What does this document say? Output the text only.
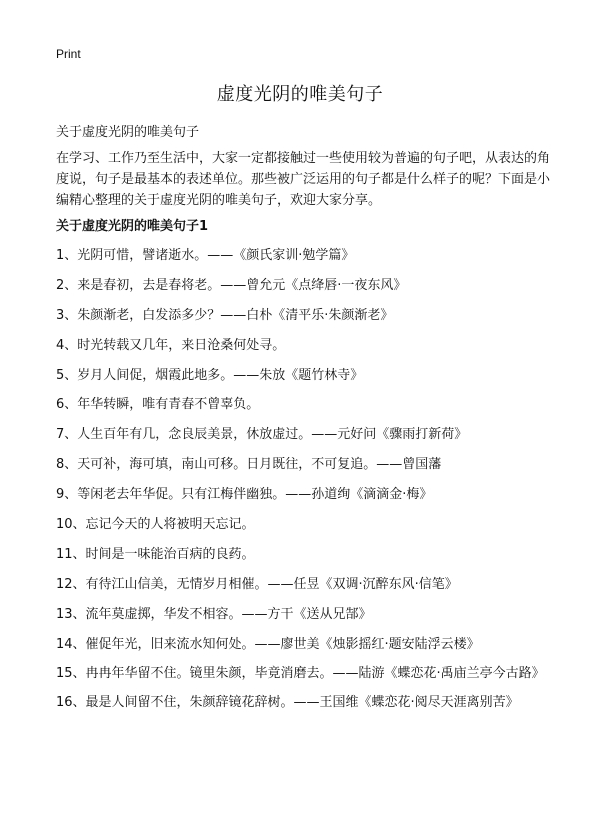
Print
虚度光阴的唯美句子

关于虚度光阴的唯美句子

在学习、工作乃至生活中，大家一定都接触过一些使用较为普遍的句子吧，从表达的角度说，句子是最基本的表述单位。那些被广泛运用的句子都是什么样子的呢？下面是小编精心整理的关于虚度光阴的唯美句子，欢迎大家分享。

关于虚度光阴的唯美句子1
1、光阴可惜，譬诸逝水。——《颜氏家训·勉学篇》
2、来是春初，去是春将老。——曾允元《点绛唇·一夜东风》
3、朱颜渐老，白发添多少？——白朴《清平乐·朱颜渐老》
4、时光转载又几年，来日沧桑何处寻。
5、岁月人间促，烟霞此地多。——朱放《题竹林寺》
6、年华转瞬，唯有青春不曾辜负。
7、人生百年有几，念良辰美景，休放虚过。——元好问《骤雨打新荷》
8、天可补，海可填，南山可移。日月既往，不可复追。——曾国藩
9、等闲老去年华促。只有江梅伴幽独。——孙道绚《滴滴金·梅》
10、忘记今天的人将被明天忘记。
11、时间是一味能治百病的良药。
12、有待江山信美，无情岁月相催。——任昱《双调·沉醉东风·信笔》
13、流年莫虚掷，华发不相容。——方干《送从兄郜》
14、催促年光，旧来流水知何处。——廖世美《烛影摇红·题安陆浮云楼》
15、冉冉年华留不住。镜里朱颜，毕竟消磨去。——陆游《蝶恋花·禹庙兰亭今古路》
16、最是人间留不住，朱颜辞镜花辞树。——王国维《蝶恋花·阅尽天涯离别苦》
